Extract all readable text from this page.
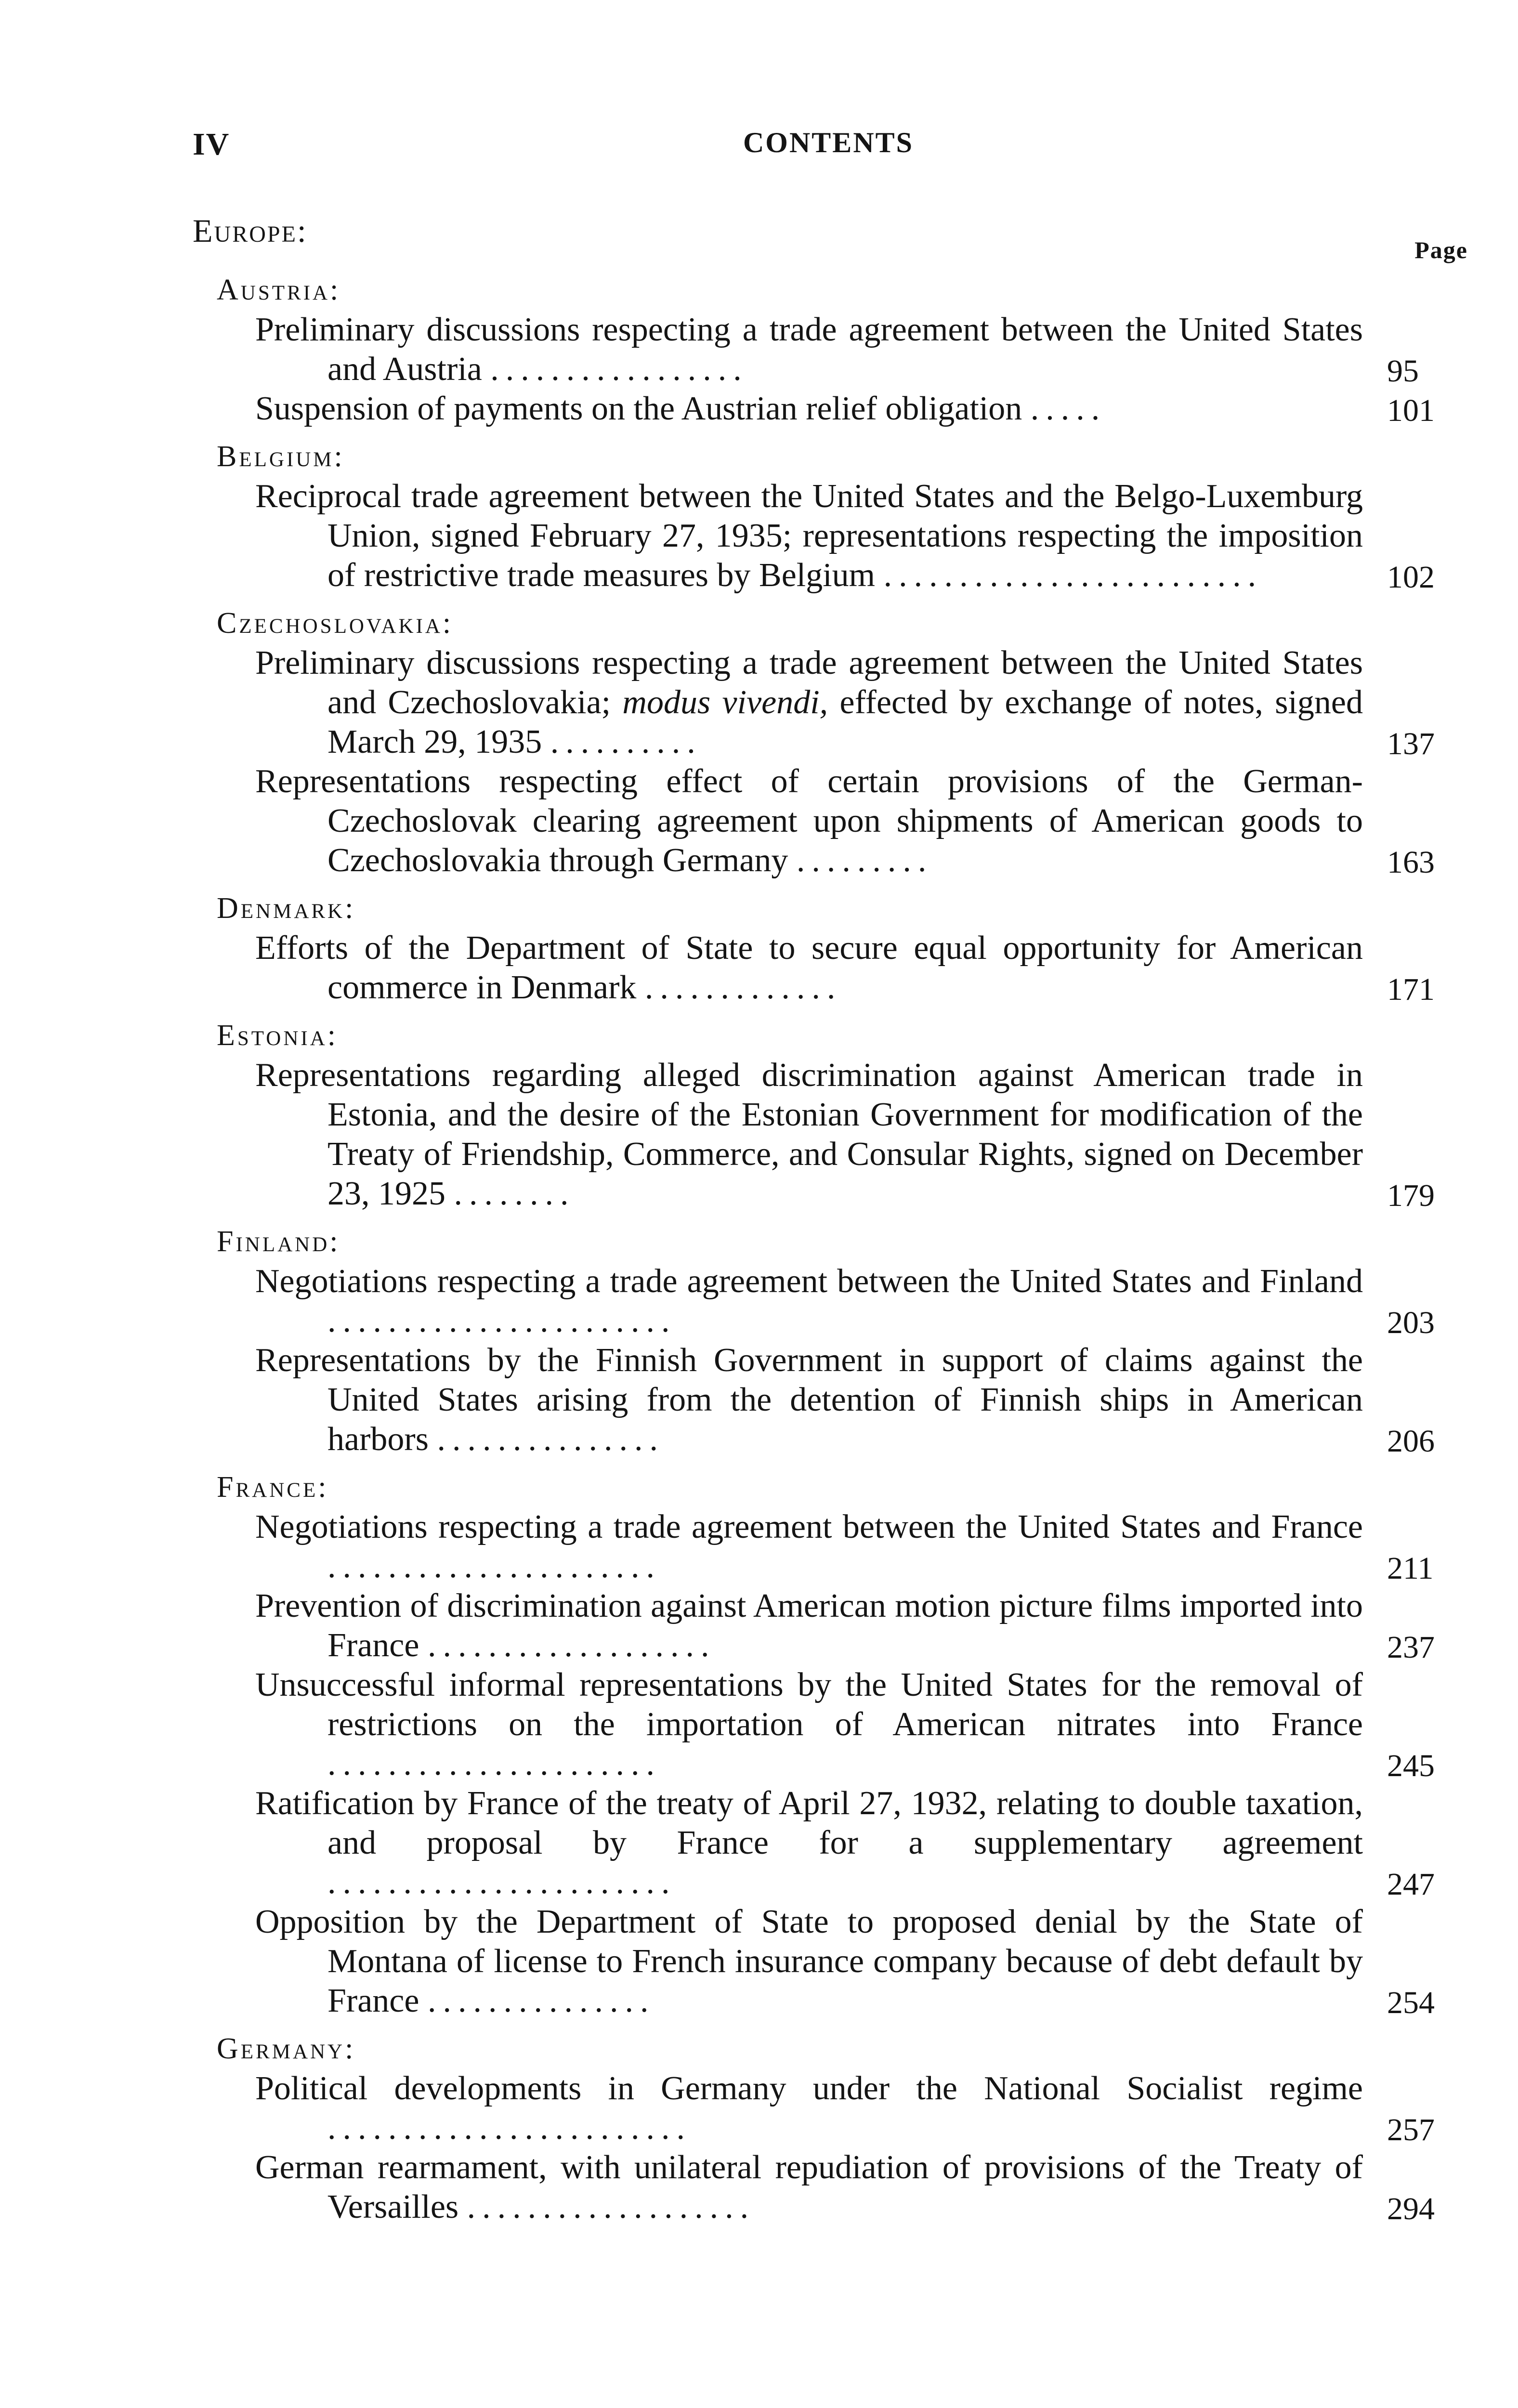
IV	CONTENTS
Europe:
Page
Austria:
Preliminary discussions respecting a trade agreement between the United States and Austria .................	95
Suspension of payments on the Austrian relief obligation .....	101
Belgium:
Reciprocal trade agreement between the United States and the Belgo-Luxemburg Union, signed February 27, 1935; representations respecting the imposition of restrictive trade measures by Belgium .........................	102
Czechoslovakia:
Preliminary discussions respecting a trade agreement between the United States and Czechoslovakia; modus vivendi, effected by exchange of notes, signed March 29, 1935 ..........	137
Representations respecting effect of certain provisions of the German-Czechoslovak clearing agreement upon shipments of American goods to Czechoslovakia through Germany .........	163
Denmark:
Efforts of the Department of State to secure equal opportunity for American commerce in Denmark .............	171
Estonia:
Representations regarding alleged discrimination against American trade in Estonia, and the desire of the Estonian Government for modification of the Treaty of Friendship, Commerce, and Consular Rights, signed on December 23, 1925 ........	179
Finland:
Negotiations respecting a trade agreement between the United States and Finland .......................	203
Representations by the Finnish Government in support of claims against the United States arising from the detention of Finnish ships in American harbors ...............	206
France:
Negotiations respecting a trade agreement between the United States and France ......................	211
Prevention of discrimination against American motion picture films imported into France ...................	237
Unsuccessful informal representations by the United States for the removal of restrictions on the importation of American nitrates into France ......................	245
Ratification by France of the treaty of April 27, 1932, relating to double taxation, and proposal by France for a supplementary agreement .......................	247
Opposition by the Department of State to proposed denial by the State of Montana of license to French insurance company because of debt default by France ...............	254
Germany:
Political developments in Germany under the National Socialist regime ........................	257
German rearmament, with unilateral repudiation of provisions of the Treaty of Versailles ...................	294
